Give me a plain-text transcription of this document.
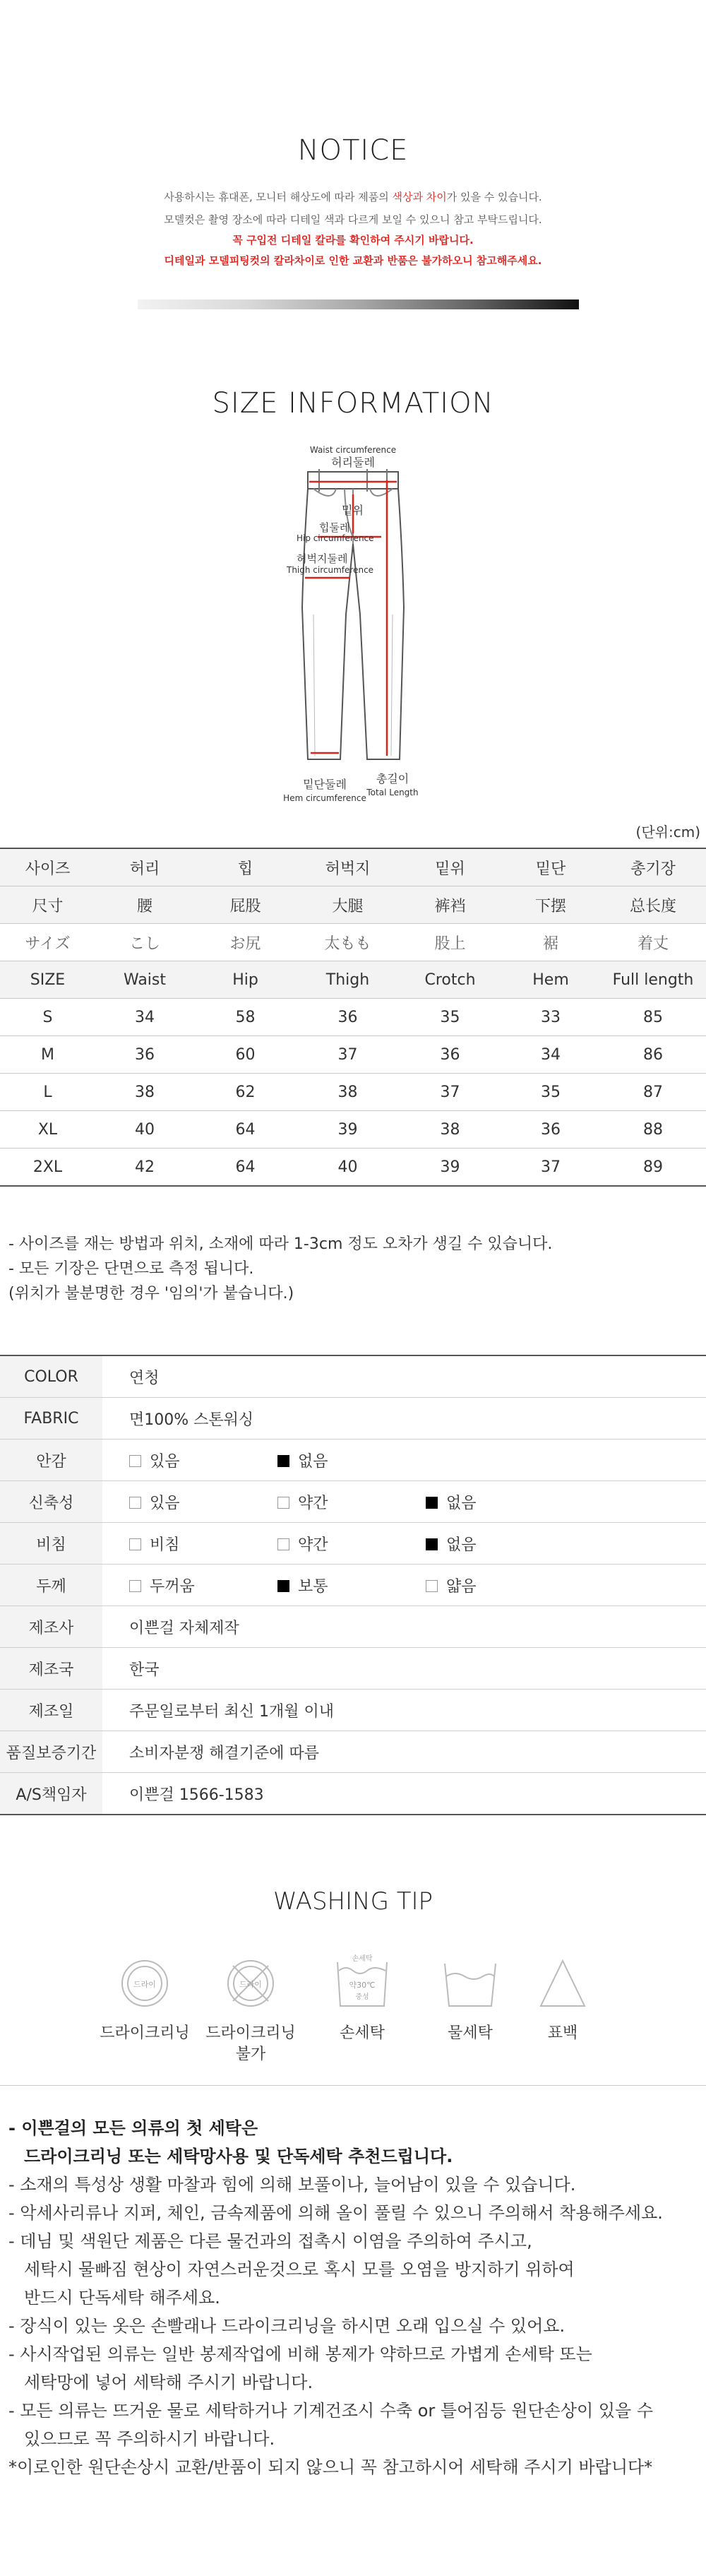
NOTICE
사용하시는 휴대폰, 모니터 해상도에 따라 제품의 색상과 차이가 있을 수 있습니다.
모델컷은 촬영 장소에 따라 디테일 색과 다르게 보일 수 있으니 참고 부탁드립니다.
꼭 구입전 디테일 칼라를 확인하여 주시기 바랍니다.
디테일과 모델피팅컷의 칼라차이로 인한 교환과 반품은 불가하오니 참고해주세요.
SIZE INFORMATION
Waist circumference
허리둘레
밑위
힙둘레
Hip circumference
허벅지둘레
Thigh circumference
밑단둘레
Hem circumference
총길이
Total Length
(단위:cm)
사이즈	허리	힙	허벅지	밑위	밑단	총기장
尺寸	腰	屁股	大腿	裤裆	下摆	总长度
サイズ	こし	お尻	太もも	股上	裾	着丈
SIZE	Waist	Hip	Thigh	Crotch	Hem	Full length
S	34	58	36	35	33	85
M	36	60	37	36	34	86
L	38	62	38	37	35	87
XL	40	64	39	38	36	88
2XL	42	64	40	39	37	89
- 사이즈를 재는 방법과 위치, 소재에 따라 1-3cm 정도 오차가 생길 수 있습니다.
- 모든 기장은 단면으로 측정 됩니다.
(위치가 불분명한 경우 '임의'가 붙습니다.)
COLOR	연청
FABRIC	면100% 스톤워싱
안감	있음 없음
신축성	있음 약간 없음
비침	비침 약간 없음
두께	두꺼움 보통 얇음
제조사	이쁜걸 자체제작
제조국	한국
제조일	주문일로부터 최신 1개월 이내
품질보증기간	소비자분쟁 해결기준에 따름
A/S책임자	이쁜걸 1566-1583
WASHING TIP
드라이	드라이
손세탁
약30℃
중성
드라이크리닝	드라이크리닝
불가
손세탁	물세탁	표백
- 이쁜걸의 모든 의류의 첫 세탁은
드라이크리닝 또는 세탁망사용 및 단독세탁 추천드립니다.
- 소재의 특성상 생활 마찰과 힘에 의해 보풀이나, 늘어남이 있을 수 있습니다.
- 악세사리류나 지퍼, 체인, 금속제품에 의해 올이 풀릴 수 있으니 주의해서 착용해주세요.
- 데님 및 색원단 제품은 다른 물건과의 접촉시 이염을 주의하여 주시고,
세탁시 물빠짐 현상이 자연스러운것으로 혹시 모를 오염을 방지하기 위하여
반드시 단독세탁 해주세요.
- 장식이 있는 옷은 손빨래나 드라이크리닝을 하시면 오래 입으실 수 있어요.
- 사시작업된 의류는 일반 봉제작업에 비해 봉제가 약하므로 가볍게 손세탁 또는
세탁망에 넣어 세탁해 주시기 바랍니다.
- 모든 의류는 뜨거운 물로 세탁하거나 기계건조시 수축 or 틀어짐등 원단손상이 있을 수
있으므로 꼭 주의하시기 바랍니다.
*이로인한 원단손상시 교환/반품이 되지 않으니 꼭 참고하시어 세탁해 주시기 바랍니다*
